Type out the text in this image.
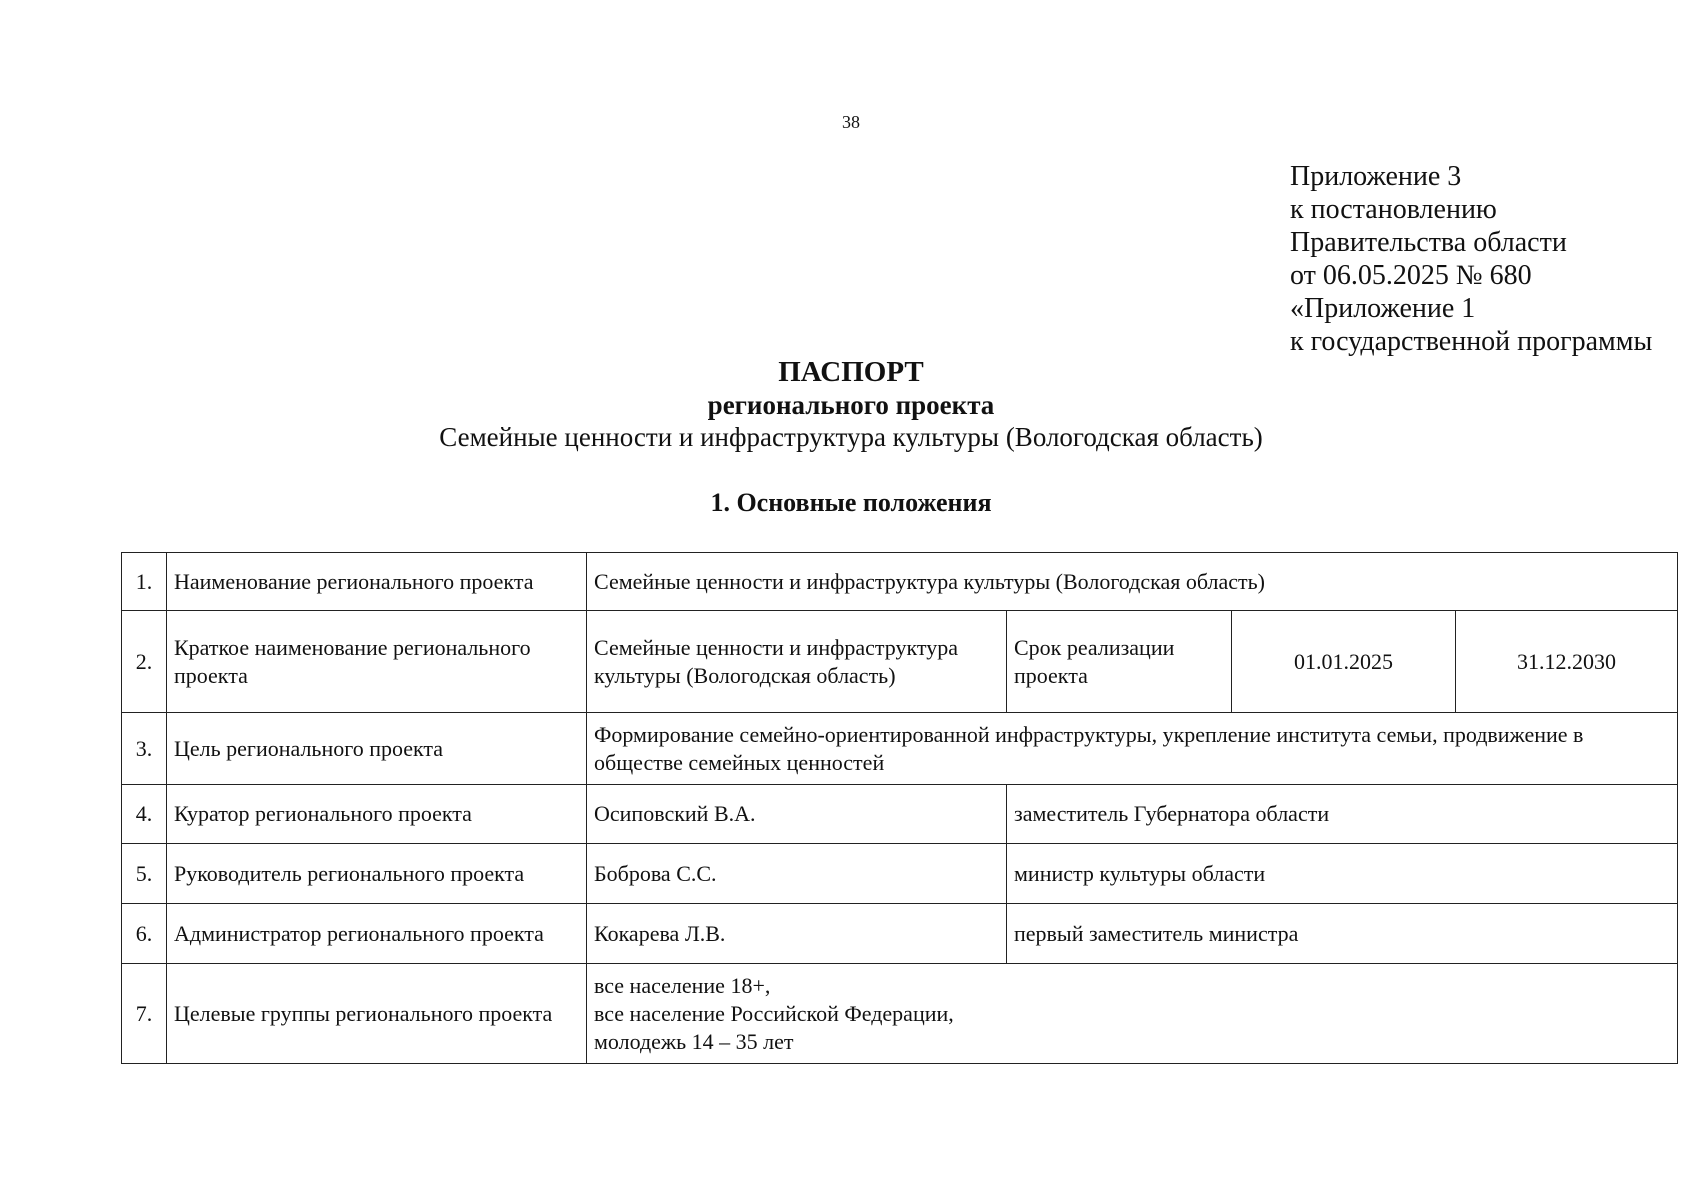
38
Приложение 3
к постановлению
Правительства области
от 06.05.2025 № 680
«Приложение 1
к государственной программы
ПАСПОРТ
регионального проекта
Семейные ценности и инфраструктура культуры (Вологодская область)
1. Основные положения
1.	Наименование регионального проекта	Семейные ценности и инфраструктура культуры (Вологодская область)			
2.	Краткое наименование регионального проекта	Семейные ценности и инфраструктура культуры (Вологодская область)	Срок реализации проекта	01.01.2025	31.12.2030
3.	Цель регионального проекта	Формирование семейно-ориентированной инфраструктуры, укрепление института семьи, продвижение в обществе семейных ценностей			
4.	Куратор регионального проекта	Осиповский В.А.	заместитель Губернатора области		
5.	Руководитель регионального проекта	Боброва С.С.	министр культуры области		
6.	Администратор регионального проекта	Кокарева Л.В.	первый заместитель министра		
7.	Целевые группы регионального проекта	все население 18+,
все население Российской Федерации,
молодежь 14 – 35 лет			
